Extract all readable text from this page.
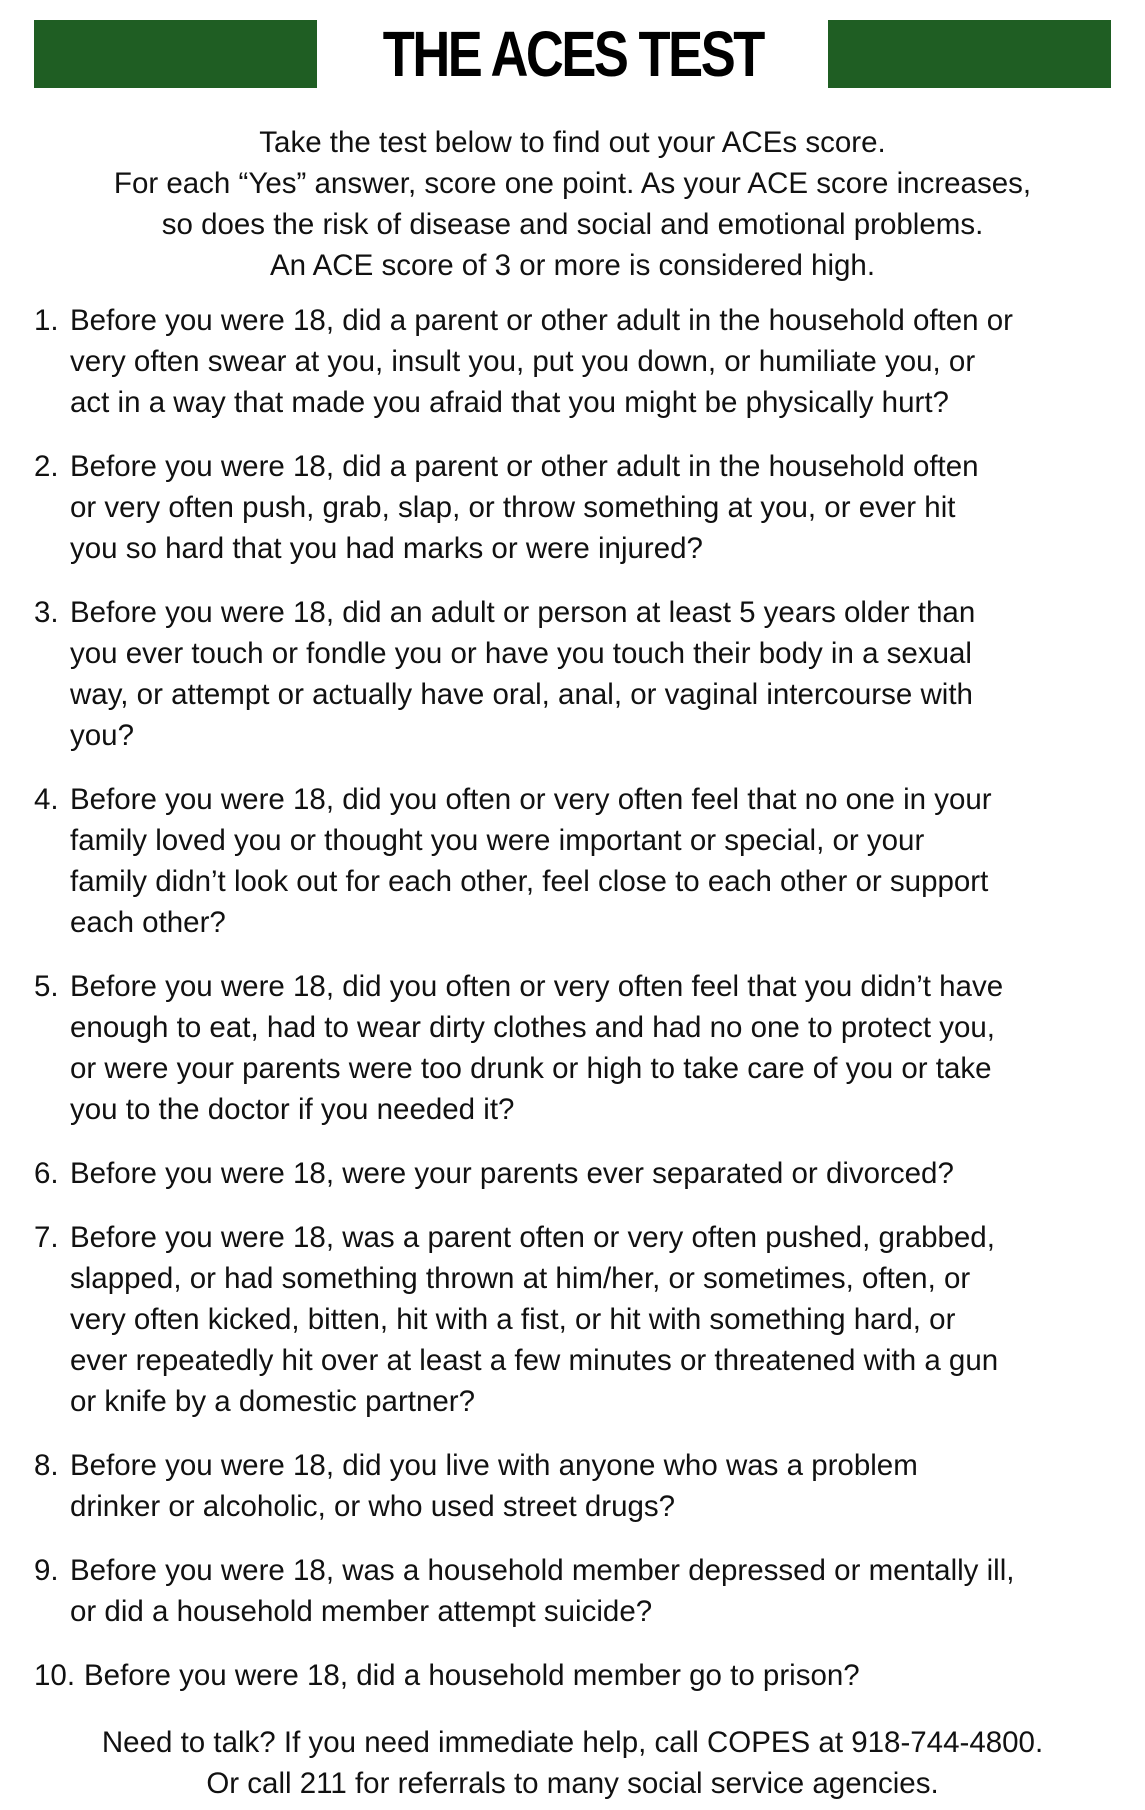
THE ACES TEST
Take the test below to find out your ACEs score.
For each “Yes” answer, score one point. As your ACE score increases,
so does the risk of disease and social and emotional problems.
An ACE score of 3 or more is considered high.
1. Before you were 18, did a parent or other adult in the household often or
very often swear at you, insult you, put you down, or humiliate you, or
act in a way that made you afraid that you might be physically hurt?
2. Before you were 18, did a parent or other adult in the household often
or very often push, grab, slap, or throw something at you, or ever hit
you so hard that you had marks or were injured?
3. Before you were 18, did an adult or person at least 5 years older than
you ever touch or fondle you or have you touch their body in a sexual
way, or attempt or actually have oral, anal, or vaginal intercourse with
you?
4. Before you were 18, did you often or very often feel that no one in your
family loved you or thought you were important or special, or your
family didn’t look out for each other, feel close to each other or support
each other?
5. Before you were 18, did you often or very often feel that you didn’t have
enough to eat, had to wear dirty clothes and had no one to protect you,
or were your parents were too drunk or high to take care of you or take
you to the doctor if you needed it?
6. Before you were 18, were your parents ever separated or divorced?
7. Before you were 18, was a parent often or very often pushed, grabbed,
slapped, or had something thrown at him/her, or sometimes, often, or
very often kicked, bitten, hit with a fist, or hit with something hard, or
ever repeatedly hit over at least a few minutes or threatened with a gun
or knife by a domestic partner?
8. Before you were 18, did you live with anyone who was a problem
drinker or alcoholic, or who used street drugs?
9. Before you were 18, was a household member depressed or mentally ill,
or did a household member attempt suicide?
10. Before you were 18, did a household member go to prison?
Need to talk? If you need immediate help, call COPES at 918-744-4800.
Or call 211 for referrals to many social service agencies.
